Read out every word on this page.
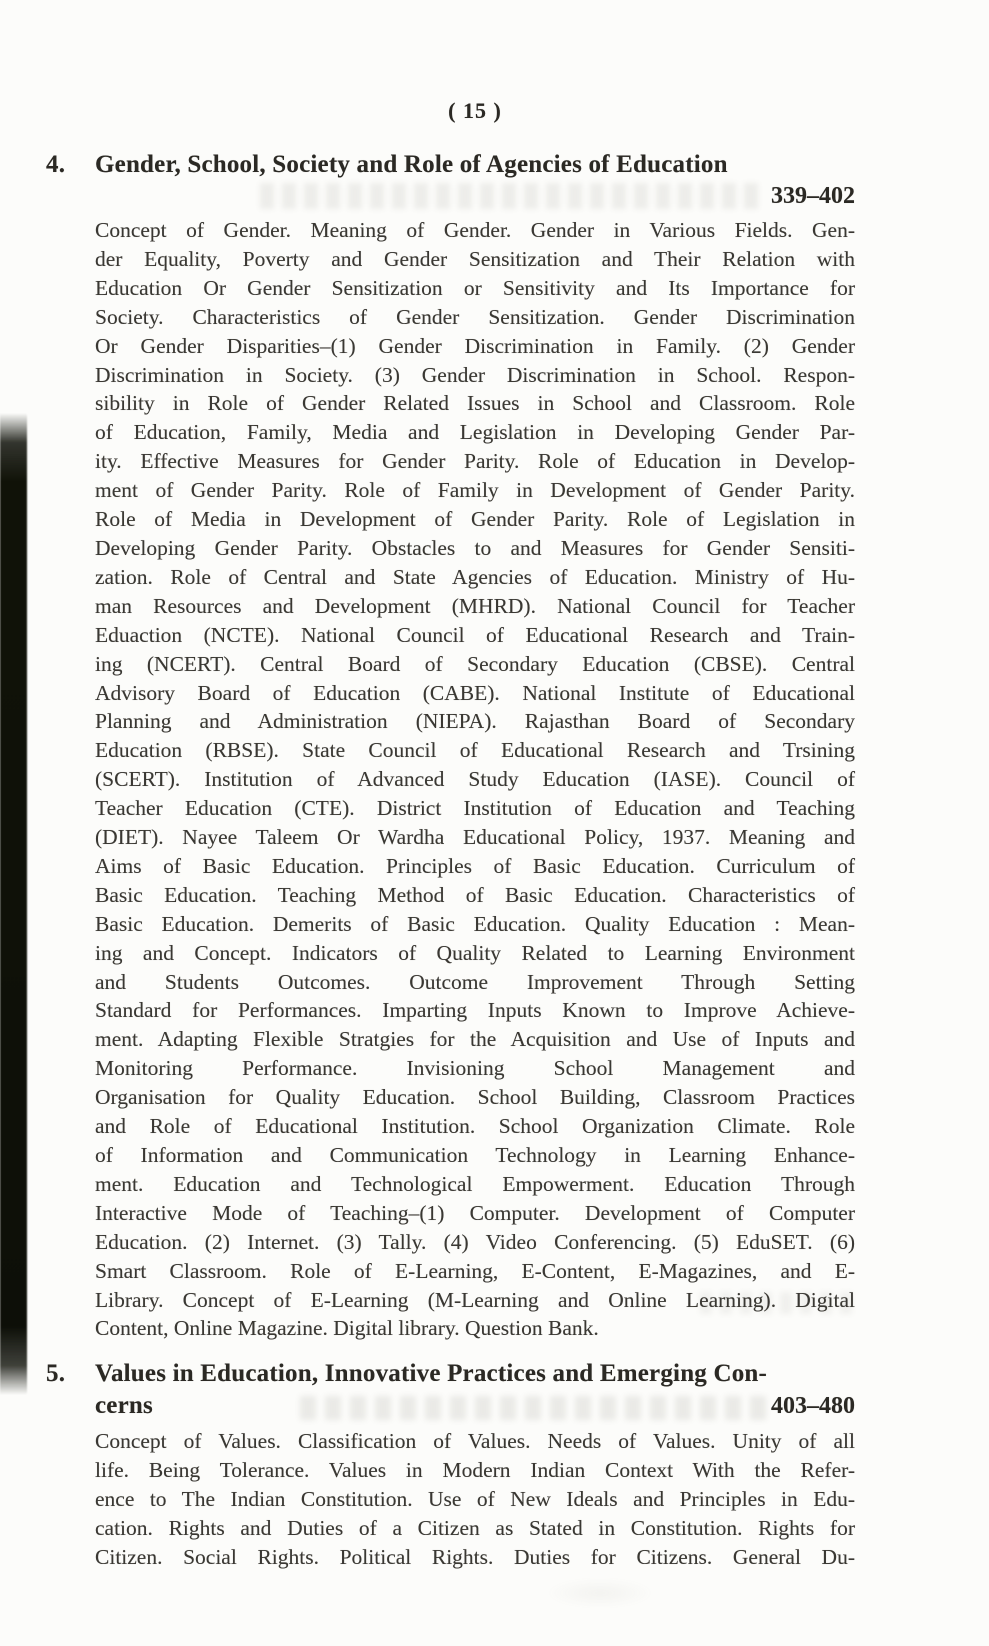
( 15 )
4. Gender, School, Society and Role of Agencies of Education
339–402
Concept of Gender. Meaning of Gender. Gender in Various Fields. Gen-
der Equality, Poverty and Gender Sensitization and Their Relation with
Education Or Gender Sensitization or Sensitivity and Its Importance for
Society. Characteristics of Gender Sensitization. Gender Discrimination
Or Gender Disparities–(1) Gender Discrimination in Family. (2) Gender
Discrimination in Society. (3) Gender Discrimination in School. Respon-
sibility in Role of Gender Related Issues in School and Classroom. Role
of Education, Family, Media and Legislation in Developing Gender Par-
ity. Effective Measures for Gender Parity. Role of Education in Develop-
ment of Gender Parity. Role of Family in Development of Gender Parity.
Role of Media in Development of Gender Parity. Role of Legislation in
Developing Gender Parity. Obstacles to and Measures for Gender Sensiti-
zation. Role of Central and State Agencies of Education. Ministry of Hu-
man Resources and Development (MHRD). National Council for Teacher
Eduaction (NCTE). National Council of Educational Research and Train-
ing (NCERT). Central Board of Secondary Education (CBSE). Central
Advisory Board of Education (CABE). National Institute of Educational
Planning and Administration (NIEPA). Rajasthan Board of Secondary
Education (RBSE). State Council of Educational Research and Trsining
(SCERT). Institution of Advanced Study Education (IASE). Council of
Teacher Education (CTE). District Institution of Education and Teaching
(DIET). Nayee Taleem Or Wardha Educational Policy, 1937. Meaning and
Aims of Basic Education. Principles of Basic Education. Curriculum of
Basic Education. Teaching Method of Basic Education. Characteristics of
Basic Education. Demerits of Basic Education. Quality Education : Mean-
ing and Concept. Indicators of Quality Related to Learning Environment
and Students Outcomes. Outcome Improvement Through Setting
Standard for Performances. Imparting Inputs Known to Improve Achieve-
ment. Adapting Flexible Stratgies for the Acquisition and Use of Inputs and
Monitoring Performance. Invisioning School Management and
Organisation for Quality Education. School Building, Classroom Practices
and Role of Educational Institution. School Organization Climate. Role
of Information and Communication Technology in Learning Enhance-
ment. Education and Technological Empowerment. Education Through
Interactive Mode of Teaching–(1) Computer. Development of Computer
Education. (2) Internet. (3) Tally. (4) Video Conferencing. (5) EduSET. (6)
Smart Classroom. Role of E-Learning, E-Content, E-Magazines, and E-
Library. Concept of E-Learning (M-Learning and Online Learning). Digital
Content, Online Magazine. Digital library. Question Bank.
5. Values in Education, Innovative Practices and Emerging Con-
cerns	403–480
Concept of Values. Classification of Values. Needs of Values. Unity of all
life. Being Tolerance. Values in Modern Indian Context With the Refer-
ence to The Indian Constitution. Use of New Ideals and Principles in Edu-
cation. Rights and Duties of a Citizen as Stated in Constitution. Rights for
Citizen. Social Rights. Political Rights. Duties for Citizens. General Du-
